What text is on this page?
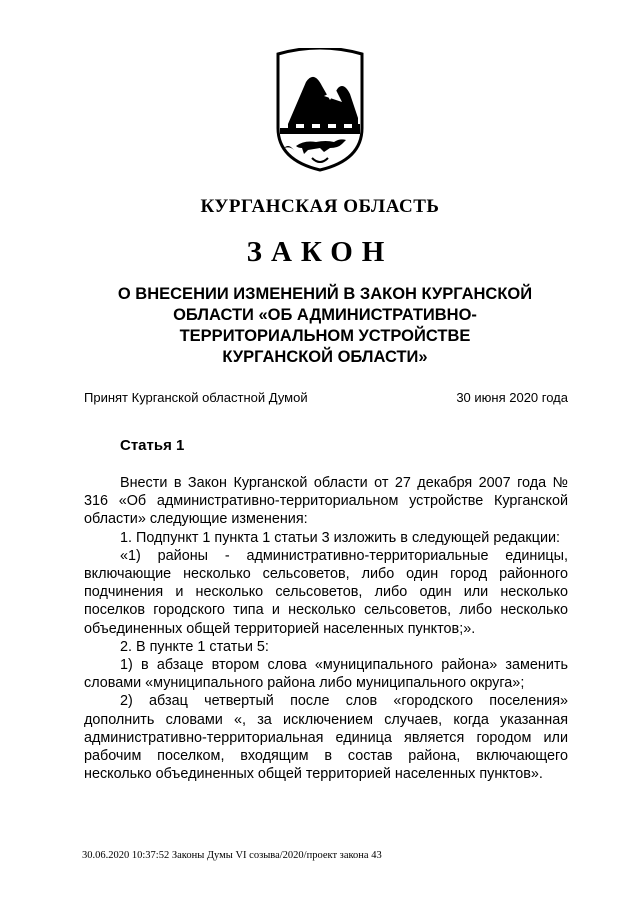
КУРГАНСКАЯ ОБЛАСТЬ
ЗАКОН
О ВНЕСЕНИИ ИЗМЕНЕНИЙ В ЗАКОН КУРГАНСКОЙ
ОБЛАСТИ «ОБ АДМИНИСТРАТИВНО-
ТЕРРИТОРИАЛЬНОМ УСТРОЙСТВЕ
КУРГАНСКОЙ ОБЛАСТИ»
Принят Курганской областной Думой	30 июня 2020 года
Статья 1

Внести в Закон Курганской области от 27 декабря 2007 года № 316 «Об административно-территориальном устройстве Курганской области» следующие изменения:

1. Подпункт 1 пункта 1 статьи 3 изложить в следующей редакции:

«1) районы - административно-территориальные единицы, включающие несколько сельсоветов, либо один город районного подчинения и несколько сельсоветов, либо один или несколько поселков городского типа и несколько сельсоветов, либо несколько объединенных общей территорией населенных пунктов;».

2. В пункте 1 статьи 5:

1) в абзаце втором слова «муниципального района» заменить словами «муниципального района либо муниципального округа»;

2) абзац четвертый после слов «городского поселения» дополнить словами «, за исключением случаев, когда указанная административно-территориальная единица является городом или рабочим поселком, входящим в состав района, включающего несколько объединенных общей территорией населенных пунктов».

30.06.2020 10:37:52 Законы Думы VI созыва/2020/проект закона 43
